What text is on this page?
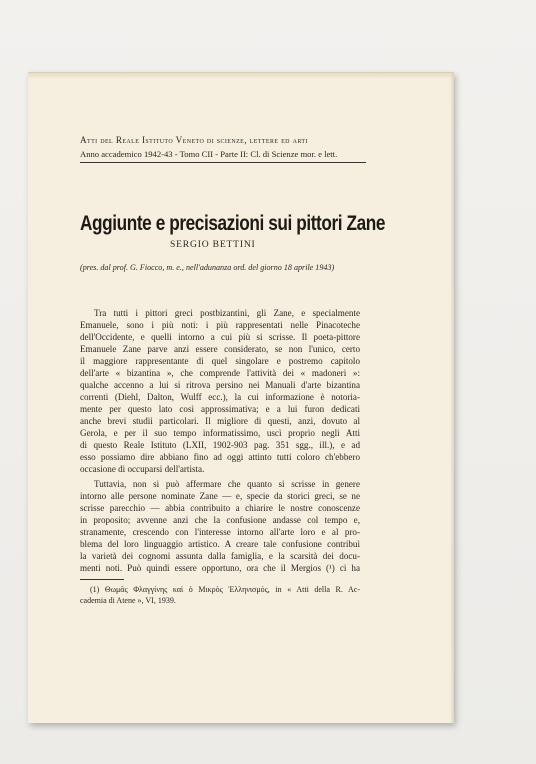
Atti del Reale Istituto Veneto di scienze, lettere ed arti
Anno accademico 1942-43 - Tomo CII - Parte II: Cl. di Scienze mor. e lett.
Aggiunte e precisazioni sui pittori Zane
SERGIO BETTINI
(pres. dal prof. G. Fiocco, m. e., nell'adunanza ord. del giorno 18 aprile 1943)
Tra tutti i pittori greci postbizantini, gli Zane, e specialmente
Emanuele, sono i più noti: i più rappresentati nelle Pinacoteche
dell'Occidente, e quelli intorno a cui più si scrisse. Il poeta-pittore
Emanuele Zane parve anzi essere considerato, se non l'unico, certo
il maggiore rappresentante di quel singolare e postremo capitolo
dell'arte « bizantina », che comprende l'attività dei « madoneri »:
qualche accenno a lui si ritrova persino nei Manuali d'arte bizantina
correnti (Diehl, Dalton, Wulff ecc.), la cui informazione è notoria-
mente per questo lato così approssimativa; e a lui furon dedicati
anche brevi studii particolari. Il migliore di questi, anzi, dovuto al
Gerola, e per il suo tempo informatissimo, uscì proprio negli Atti
di questo Reale Istituto (LXII, 1902-903 pag. 351 sgg., ill.), e ad
esso possiamo dire abbiano fino ad oggi attinto tutti coloro ch'ebbero
occasione di occuparsi dell'artista.
Tuttavia, non si può affermare che quanto si scrisse in genere
intorno alle persone nominate Zane — e, specie da storici greci, se ne
scrisse parecchio — abbia contribuito a chiarire le nostre conoscenze
in proposito; avvenne anzi che la confusione andasse col tempo e,
stranamente, crescendo con l'interesse intorno all'arte loro e al pro-
blema del loro linguaggio artistico. A creare tale confusione contribuì
la varietà dei cognomi assunta dalla famiglia, e la scarsità dei docu-
menti noti. Può quindi essere opportuno, ora che il Mergios (¹) ci ha
(1) Θωμᾶς Φλαγγίνης καὶ ὁ Μικρὸς Ἑλληνισμός, in « Atti della R. Ac-
cademia di Atene », VI, 1939.
